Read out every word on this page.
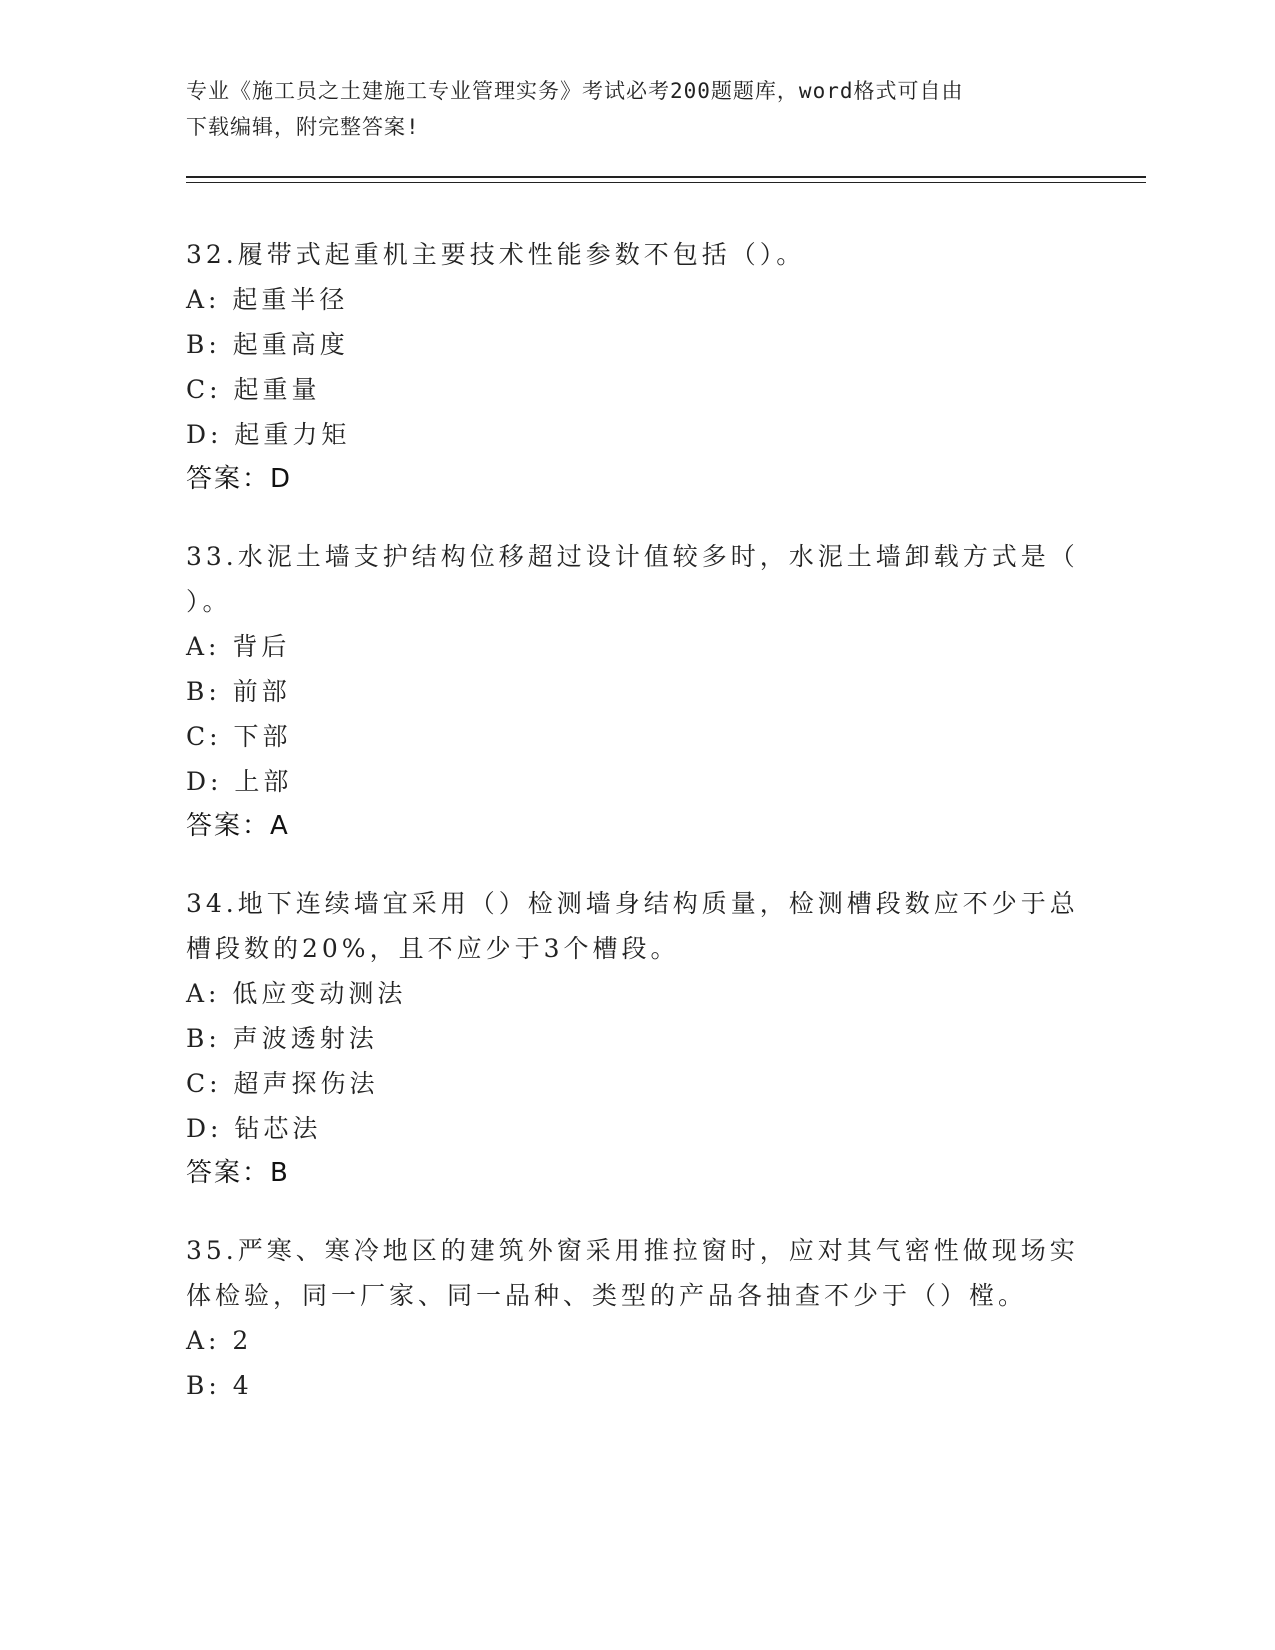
专业《施工员之土建施工专业管理实务》考试必考200题题库，word格式可自由
下载编辑，附完整答案!
32.履带式起重机主要技术性能参数不包括（）。
A: 起重半径
B: 起重高度
C: 起重量
D: 起重力矩
答案：D
33.水泥土墙支护结构位移超过设计值较多时，水泥土墙卸载方式是（
）。
A: 背后
B: 前部
C: 下部
D: 上部
答案：A
34.地下连续墙宜采用（）检测墙身结构质量，检测槽段数应不少于总
槽段数的20%，且不应少于3个槽段。
A: 低应变动测法
B: 声波透射法
C: 超声探伤法
D: 钻芯法
答案：B
35.严寒、寒冷地区的建筑外窗采用推拉窗时，应对其气密性做现场实
体检验，同一厂家、同一品种、类型的产品各抽查不少于（）樘。
A: 2
B: 4
